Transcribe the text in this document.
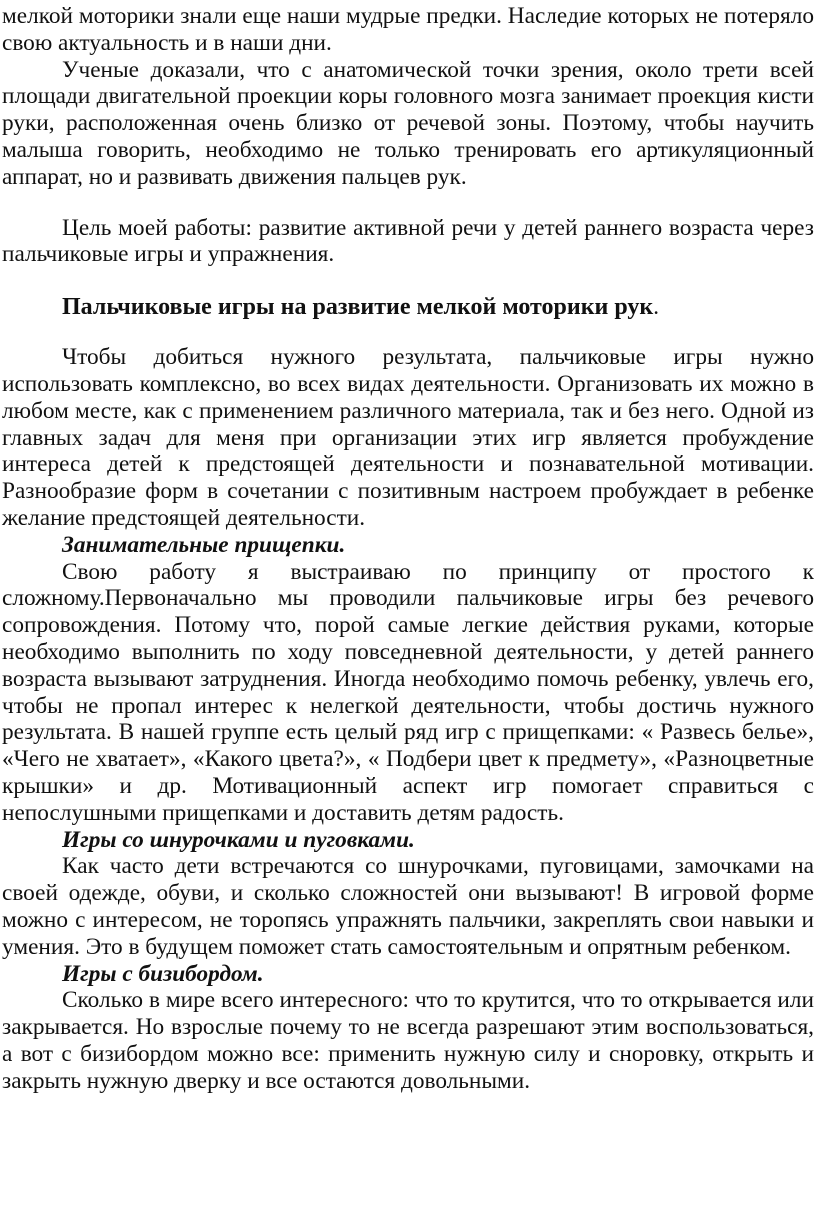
мелкой моторики знали еще наши мудрые предки. Наследие которых не потеряло свою актуальность и в наши дни.

Ученые доказали, что с анатомической точки зрения, около трети всей площади двигательной проекции коры головного мозга занимает проекция кисти руки, расположенная очень близко от речевой зоны. Поэтому, чтобы научить малыша говорить, необходимо не только тренировать его артикуляционный аппарат, но и развивать движения пальцев рук.

Цель моей работы: развитие активной речи у детей раннего возраста через пальчиковые игры и упражнения.

Пальчиковые игры на развитие мелкой моторики рук.

Чтобы добиться нужного результата, пальчиковые игры нужно использовать комплексно, во всех видах деятельности. Организовать их можно в любом месте, как с применением различного материала, так и без него. Одной из главных задач для меня при организации этих игр является пробуждение интереса детей к предстоящей деятельности и познавательной мотивации. Разнообразие форм в сочетании с позитивным настроем пробуждает в ребенке желание предстоящей деятельности.

Занимательные прищепки.

Свою работу я выстраиваю по принципу от простого к сложному.Первоначально мы проводили пальчиковые игры без речевого сопровождения. Потому что, порой самые легкие действия руками, которые необходимо выполнить по ходу повседневной деятельности, у детей раннего возраста вызывают затруднения. Иногда необходимо помочь ребенку, увлечь его, чтобы не пропал интерес к нелегкой деятельности, чтобы достичь нужного результата. В нашей группе есть целый ряд игр с прищепками: « Развесь белье», «Чего не хватает», «Какого цвета?», « Подбери цвет к предмету», «Разноцветные крышки» и др. Мотивационный аспект игр помогает справиться с непослушными прищепками и доставить детям радость.

Игры со шнурочками и пуговками.

Как часто дети встречаются со шнурочками, пуговицами, замочками на своей одежде, обуви, и сколько сложностей они вызывают! В игровой форме можно с интересом, не торопясь упражнять пальчики, закреплять свои навыки и умения. Это в будущем поможет стать самостоятельным и опрятным ребенком.

Игры с бизибордом.

Сколько в мире всего интересного: что то крутится, что то открывается или закрывается. Но взрослые почему то не всегда разрешают этим воспользоваться, а вот с бизибордом можно все: применить нужную силу и сноровку, открыть и закрыть нужную дверку и все остаются довольными.
